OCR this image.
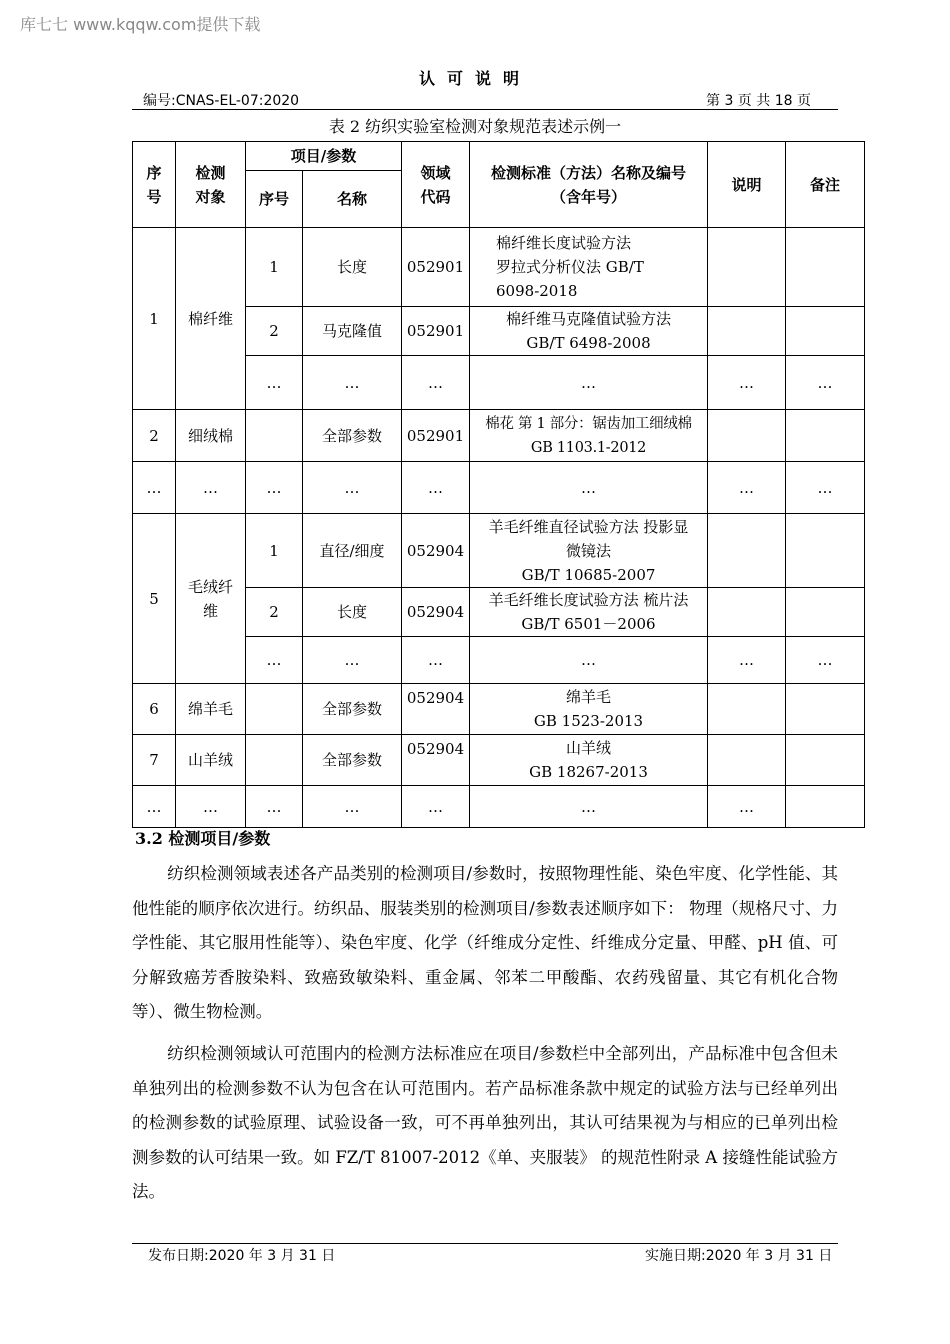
库七七 www.kqqw.com提供下载
认可说明
编号:CNAS-EL-07:2020	第 3 页 共 18 页
表 2 纺织实验室检测对象规范表述示例一
序号	检测对象	项目/参数		领域代码	检测标准（方法）名称及编号
（含年号）	说明	备注
		序号	名称				
1	棉纤维	1	长度	052901	棉纤维长度试验方法
罗拉式分析仪法 GB/T
6098-2018		
		2	马克隆值	052901	棉纤维马克隆值试验方法
GB/T 6498-2008		
		…	…	…	…	…	…
2	细绒棉		全部参数	052901	棉花 第 1 部分：锯齿加工细绒棉
GB 1103.1-2012		
…	…	…	…	…	…	…	…
5	毛绒纤维	1	直径/细度	052904	羊毛纤维直径试验方法 投影显 微镜法
GB/T 10685-2007		
		2	长度	052904	羊毛纤维长度试验方法 梳片法
GB/T 6501－2006		
		…	…	…	…	…	…
6	绵羊毛		全部参数	052904	绵羊毛
GB 1523-2013		
7	山羊绒		全部参数	052904	山羊绒
GB 18267-2013		
…	…	…	…	…	…	…	
3.2 检测项目/参数
纺织检测领域表述各产品类别的检测项目/参数时，按照物理性能、染色牢度、化学性能、其他性能的顺序依次进行。纺织品、服装类别的检测项目/参数表述顺序如下： 物理（规格尺寸、力学性能、其它服用性能等）、染色牢度、化学（纤维成分定性、纤维成分定量、甲醛、pH 值、可分解致癌芳香胺染料、致癌致敏染料、重金属、邻苯二甲酸酯、农药残留量、其它有机化合物等）、微生物检测。
纺织检测领域认可范围内的检测方法标准应在项目/参数栏中全部列出，产品标准中包含但未单独列出的检测参数不认为包含在认可范围内。若产品标准条款中规定的试验方法与已经单列出的检测参数的试验原理、试验设备一致，可不再单独列出，其认可结果视为与相应的已单列出检测参数的认可结果一致。如 FZ/T 81007-2012《单、夹服装》 的规范性附录 A 接缝性能试验方法。
发布日期:2020 年 3 月 31 日	实施日期:2020 年 3 月 31 日
